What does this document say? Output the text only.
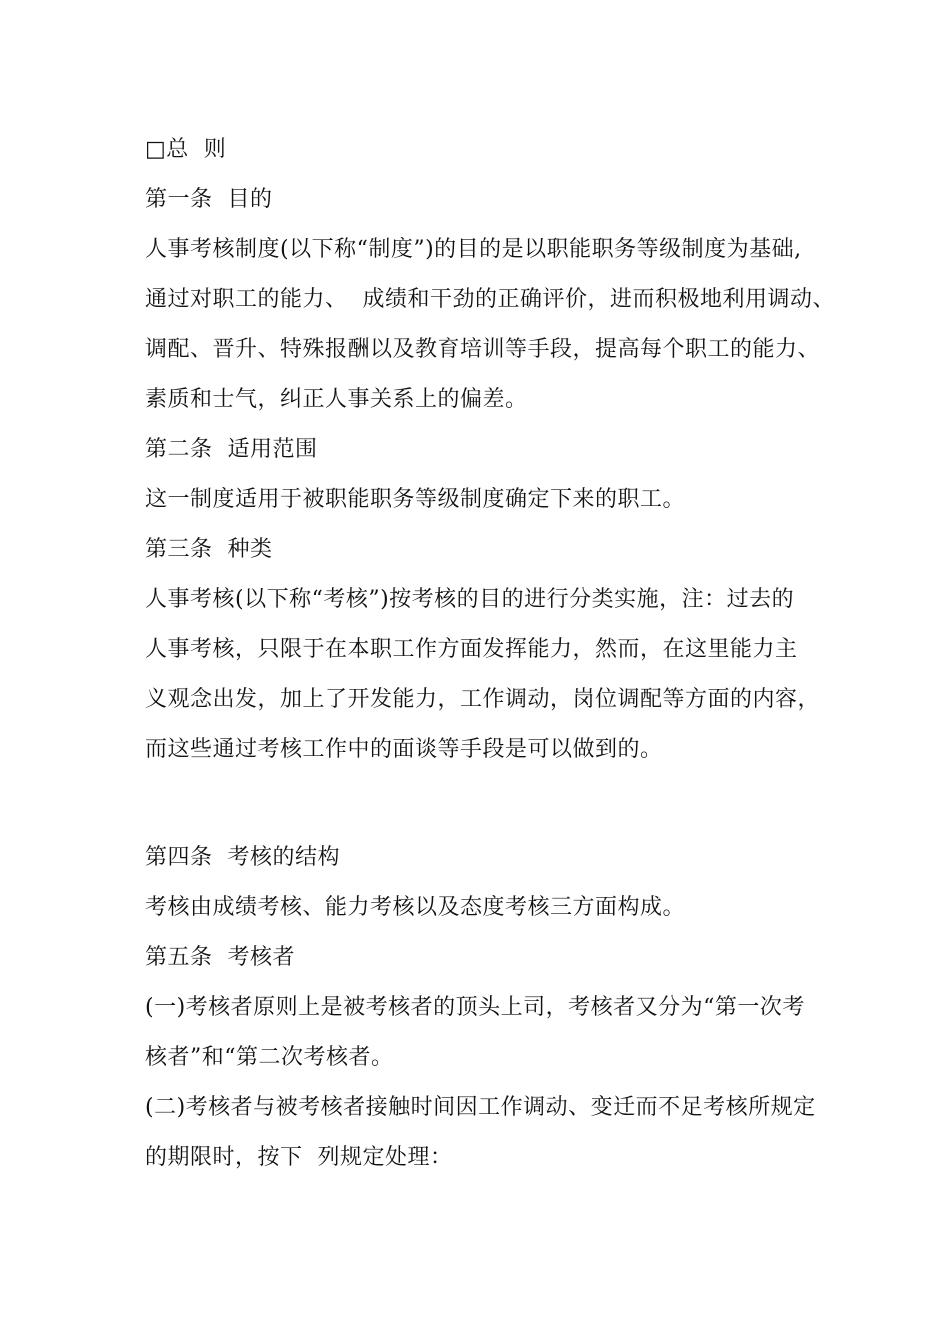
□总  则
第一条  目的
人事考核制度(以下称“制度”)的目的是以职能职务等级制度为基础,
通过对职工的能力、  成绩和干劲的正确评价，进而积极地利用调动、
调配、晋升、特殊报酬以及教育培训等手段，提高每个职工的能力、
素质和士气，纠正人事关系上的偏差。
第二条  适用范围
这一制度适用于被职能职务等级制度确定下来的职工。
第三条  种类
人事考核(以下称“考核”)按考核的目的进行分类实施，注：过去的
人事考核，只限于在本职工作方面发挥能力，然而，在这里能力主
义观念出发，加上了开发能力，工作调动，岗位调配等方面的内容，
而这些通过考核工作中的面谈等手段是可以做到的。
第四条  考核的结构
考核由成绩考核、能力考核以及态度考核三方面构成。
第五条  考核者
(一)考核者原则上是被考核者的顶头上司，考核者又分为“第一次考
核者”和“第二次考核者。
(二)考核者与被考核者接触时间因工作调动、变迁而不足考核所规定
的期限时，按下  列规定处理：
